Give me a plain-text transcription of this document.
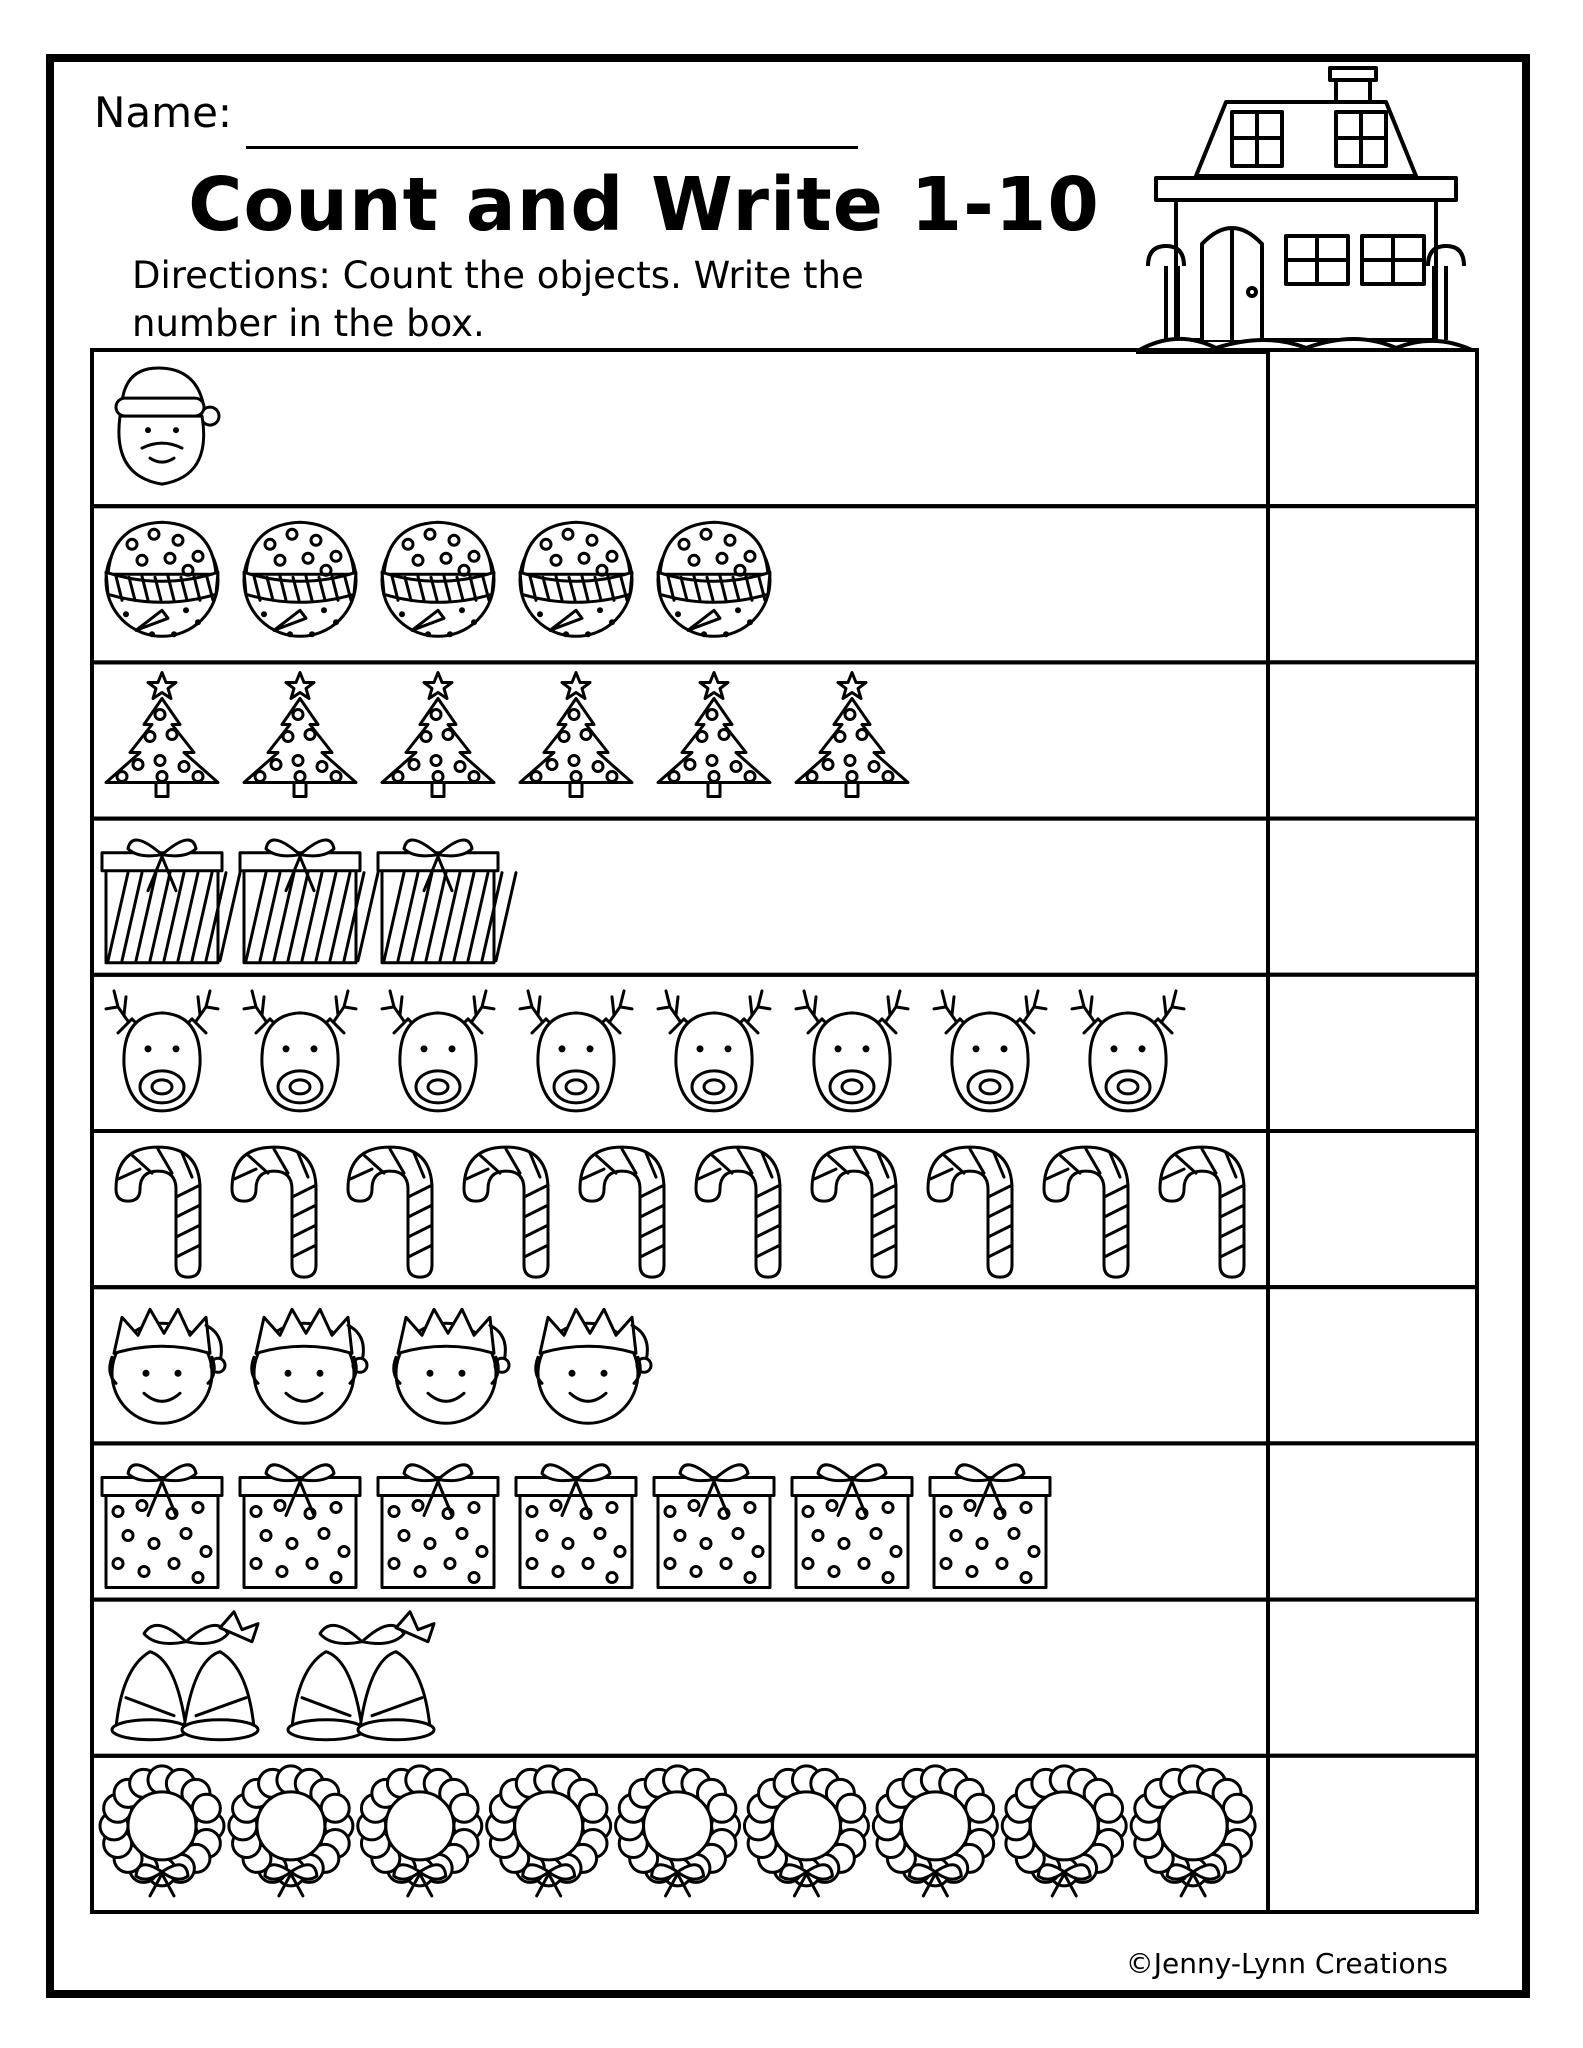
Name:
Count and Write 1-10
Directions: Count the objects. Write the number in the box.
©Jenny-Lynn Creations
